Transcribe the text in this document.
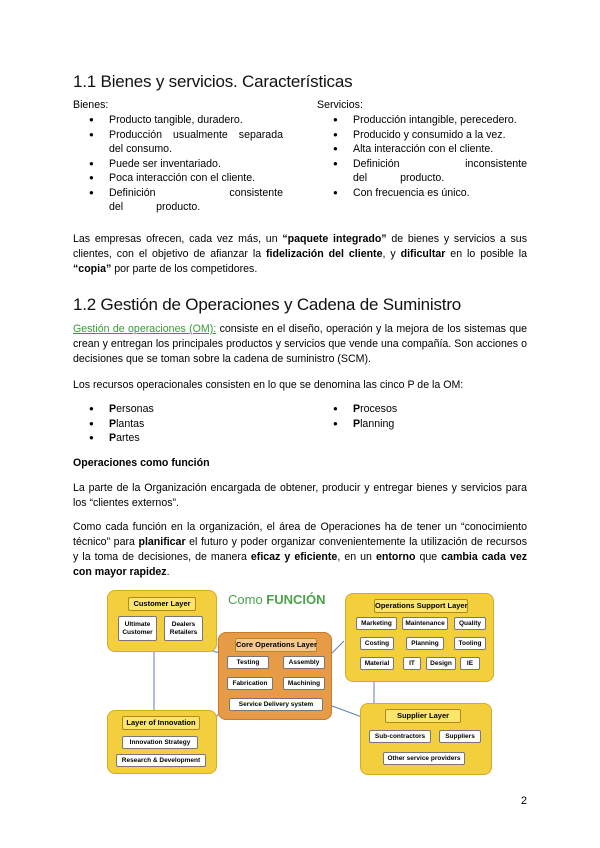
1.1 Bienes y servicios. Características
Bienes:
● Producto tangible, duradero.
● Producción usualmente separada del consumo.
● Puede ser inventariado.
● Poca interacción con el cliente.
● Definición consistente del producto.
Servicios:
● Producción intangible, perecedero.
● Producido y consumido a la vez.
● Alta interacción con el cliente.
● Definición inconsistente del producto.
● Con frecuencia es único.
Las empresas ofrecen, cada vez más, un “paquete integrado” de bienes y servicios a sus clientes, con el objetivo de afianzar la fidelización del cliente, y dificultar en lo posible la “copia” por parte de los competidores.
1.2 Gestión de Operaciones y Cadena de Suministro
Gestión de operaciones (OM): consiste en el diseño, operación y la mejora de los sistemas que crean y entregan los principales productos y servicios que vende una compañía. Son acciones o decisiones que se toman sobre la cadena de suministro (SCM).
Los recursos operacionales consisten en lo que se denomina las cinco P de la OM:
● Personas
● Plantas
● Partes
● Procesos
● Planning
Operaciones como función
La parte de la Organización encargada de obtener, producir y entregar bienes y servicios para los “clientes externos”.
Como cada función en la organización, el área de Operaciones ha de tener un “conocimiento técnico” para planificar el futuro y poder organizar convenientemente la utilización de recursos y la toma de decisiones, de manera eficaz y eficiente, en un entorno que cambia cada vez con mayor rapidez.
Customer Layer
Ultimate Customer
Dealers Retailers
Como FUNCIÓN
Core Operations Layer
Testing	Assembly
Fabrication	Machining
Service Delivery system
Operations Support Layer
Marketing	Maintenance	Quality
Costing	Planning	Tooling
Material	IT	Design	IE
Layer of Innovation
Innovation Strategy
Research & Development
Supplier Layer
Sub-contractors	Suppliers
Other service providers
2
